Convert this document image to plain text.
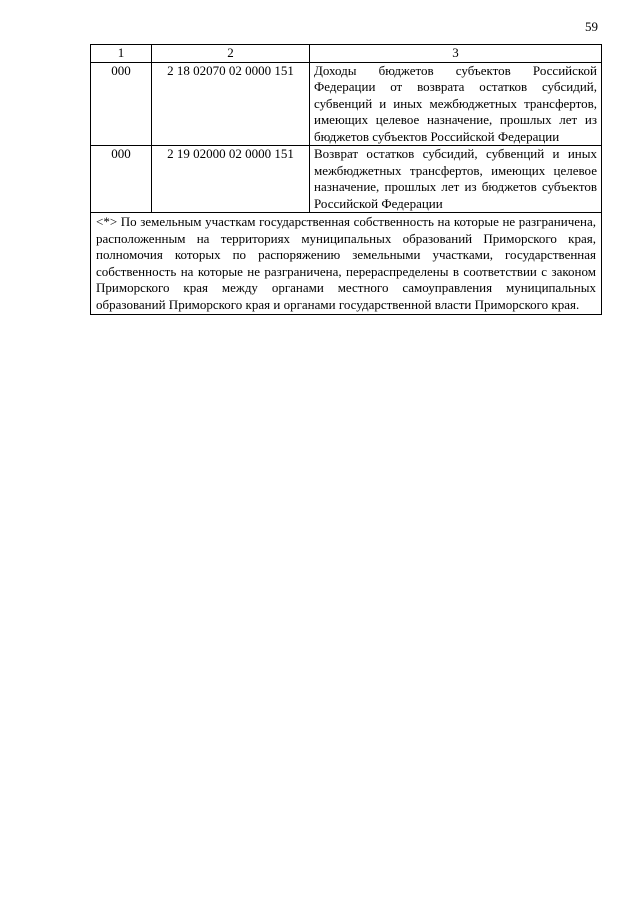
59
1	2	3
000	2 18 02070 02 0000 151	Доходы бюджетов субъектов Российской Федерации от возврата остатков субсидий, субвенций и иных межбюджетных трансфертов, имеющих целевое назначение, прошлых лет из бюджетов субъектов Российской Федерации
000	2 19 02000 02 0000 151	Возврат остатков субсидий, субвенций и иных межбюджетных трансфертов, имеющих целевое назначение, прошлых лет из бюджетов субъектов Российской Федерации
<*> По земельным участкам государственная собственность на которые не разграничена, расположенным на территориях муниципальных образований Приморского края, полномочия которых по распоряжению земельными участками, государственная собственность на которые не разграничена, перераспределены в соответствии с законом Приморского края между органами местного самоуправления муниципальных образований Приморского края и органами государственной власти Приморского края.		
